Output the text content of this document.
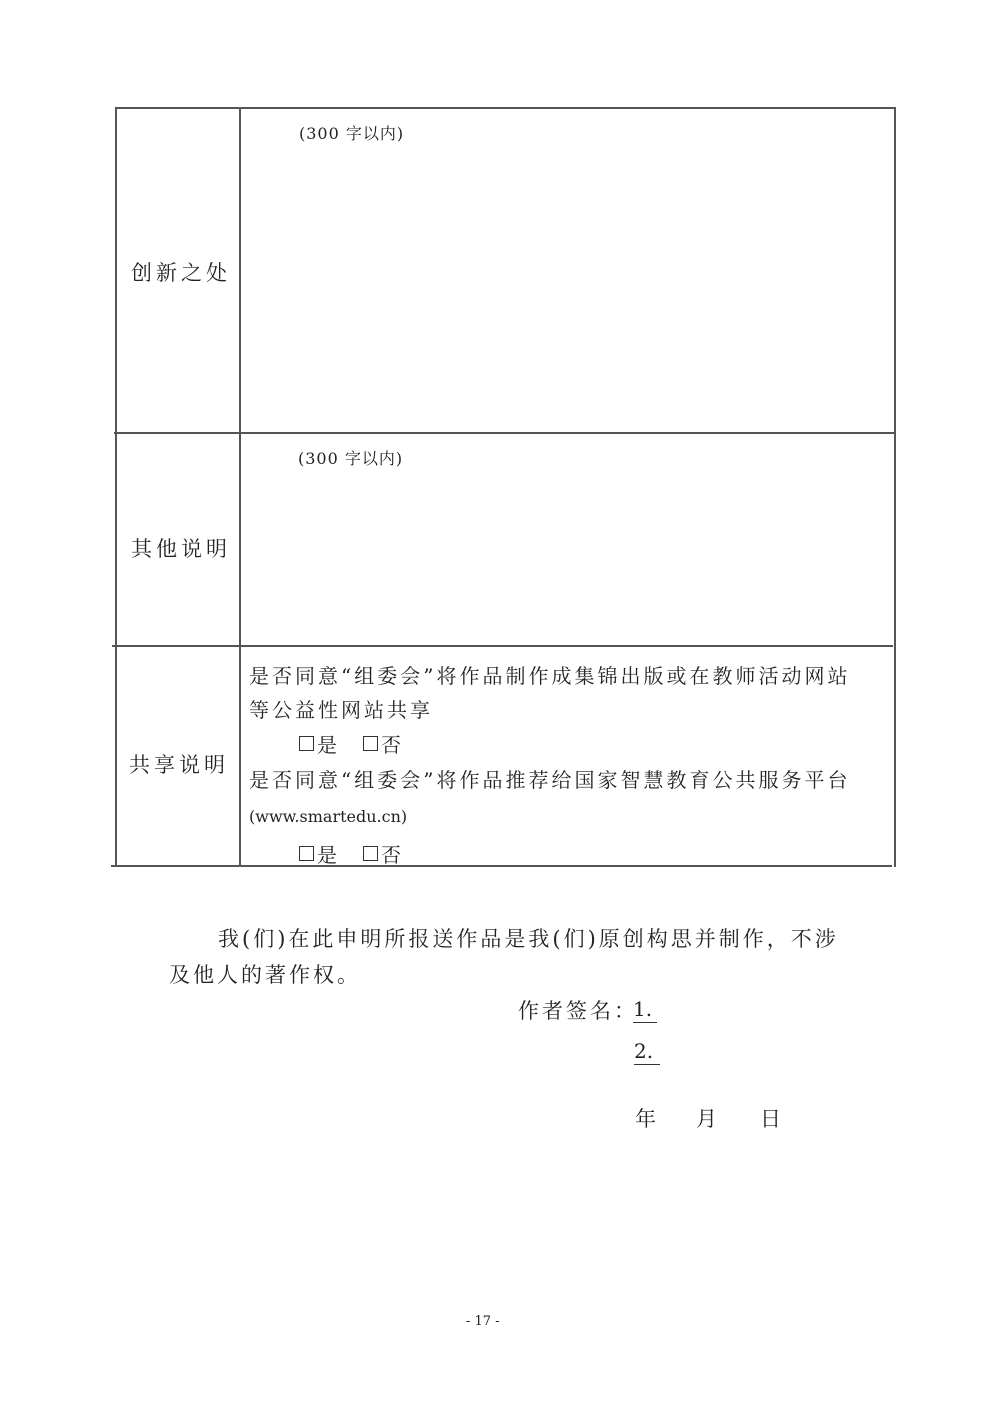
创新之处
(300 字以内)
其他说明
(300 字以内)
共享说明
是否同意“组委会”将作品制作成集锦出版或在教师活动网站
等公益性网站共享
是 否
是否同意“组委会”将作品推荐给国家智慧教育公共服务平台
(www.smartedu.cn)
是 否
我(们)在此申明所报送作品是我(们)原创构思并制作，不涉
及他人的著作权。
作者签名：
1.
2.
年 月 日
- 17 -
